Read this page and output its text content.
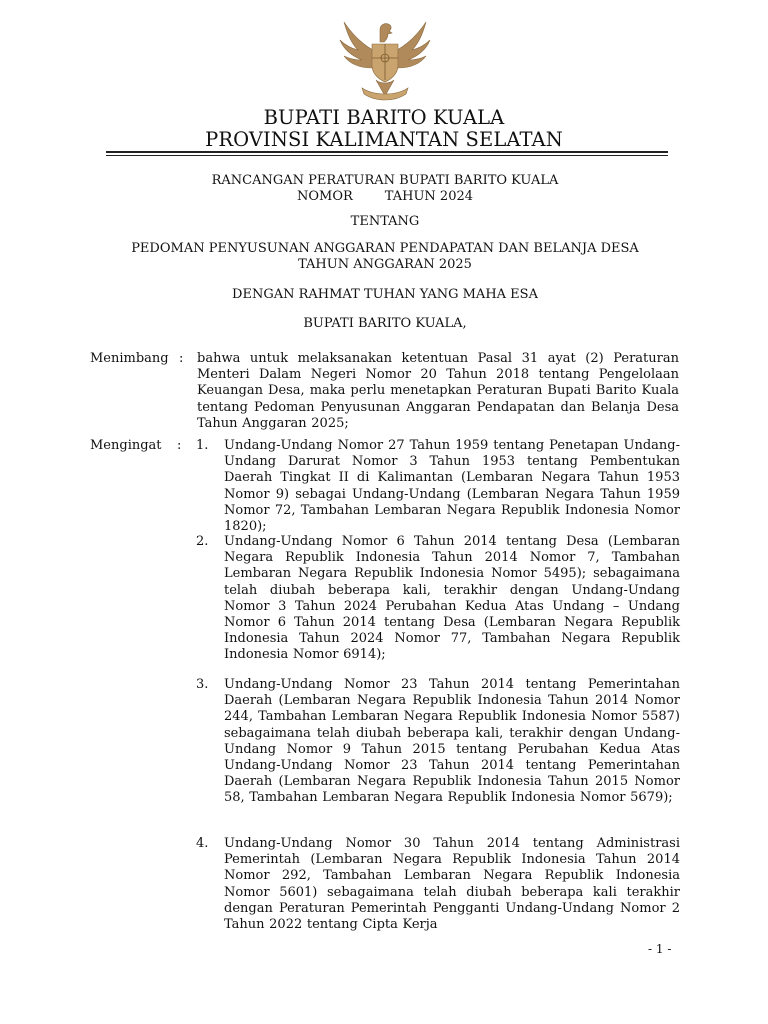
BUPATI BARITO KUALA
PROVINSI KALIMANTAN SELATAN
RANCANGAN PERATURAN BUPATI BARITO KUALA
NOMOR TAHUN 2024
TENTANG
PEDOMAN PENYUSUNAN ANGGARAN PENDAPATAN DAN BELANJA DESA
TAHUN ANGGARAN 2025
DENGAN RAHMAT TUHAN YANG MAHA ESA
BUPATI BARITO KUALA,
Menimbang : bahwa untuk melaksanakan ketentuan Pasal 31 ayat (2) Peraturan Menteri Dalam Negeri Nomor 20 Tahun 2018 tentang Pengelolaan Keuangan Desa, maka perlu menetapkan Peraturan Bupati Barito Kuala tentang Pedoman Penyusunan Anggaran Pendapatan dan Belanja Desa Tahun Anggaran 2025;
Mengingat : 1. Undang-Undang Nomor 27 Tahun 1959 tentang Penetapan Undang-Undang Darurat Nomor 3 Tahun 1953 tentang Pembentukan Daerah Tingkat II di Kalimantan (Lembaran Negara Tahun 1953 Nomor 9) sebagai Undang-Undang (Lembaran Negara Tahun 1959 Nomor 72, Tambahan Lembaran Negara Republik Indonesia Nomor 1820);
2. Undang-Undang Nomor 6 Tahun 2014 tentang Desa (Lembaran Negara Republik Indonesia Tahun 2014 Nomor 7, Tambahan Lembaran Negara Republik Indonesia Nomor 5495); sebagaimana telah diubah beberapa kali, terakhir dengan Undang-Undang Nomor 3 Tahun 2024 Perubahan Kedua Atas Undang – Undang Nomor 6 Tahun 2014 tentang Desa (Lembaran Negara Republik Indonesia Tahun 2024 Nomor 77, Tambahan Negara Republik Indonesia Nomor 6914);
3. Undang-Undang Nomor 23 Tahun 2014 tentang Pemerintahan Daerah (Lembaran Negara Republik Indonesia Tahun 2014 Nomor 244, Tambahan Lembaran Negara Republik Indonesia Nomor 5587) sebagaimana telah diubah beberapa kali, terakhir dengan Undang-Undang Nomor 9 Tahun 2015 tentang Perubahan Kedua Atas Undang-Undang Nomor 23 Tahun 2014 tentang Pemerintahan Daerah (Lembaran Negara Republik Indonesia Tahun 2015 Nomor 58, Tambahan Lembaran Negara Republik Indonesia Nomor 5679);
4. Undang-Undang Nomor 30 Tahun 2014 tentang Administrasi Pemerintah (Lembaran Negara Republik Indonesia Tahun 2014 Nomor 292, Tambahan Lembaran Negara Republik Indonesia Nomor 5601) sebagaimana telah diubah beberapa kali terakhir dengan Peraturan Pemerintah Pengganti Undang-Undang Nomor 2 Tahun 2022 tentang Cipta Kerja
- 1 -
